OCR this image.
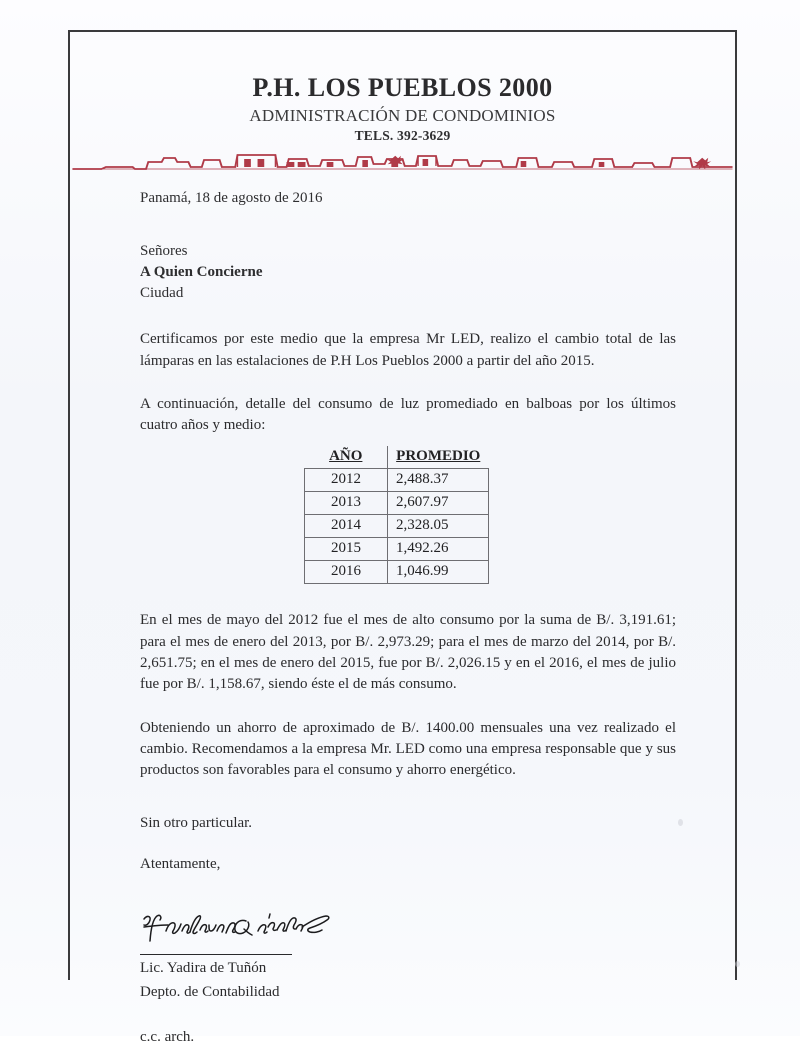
P.H. LOS PUEBLOS 2000
ADMINISTRACIÓN DE CONDOMINIOS
TELS. 392-3629
Panamá, 18 de agosto de 2016
Señores
A Quien Concierne
Ciudad

Certificamos por este medio que la empresa Mr LED, realizo el cambio total de las lámparas en las estalaciones de P.H Los Pueblos 2000 a partir del año 2015.

A continuación, detalle del consumo de luz promediado en balboas por los últimos cuatro años y medio:

AÑO	PROMEDIO
2012	2,488.37
2013	2,607.97
2014	2,328.05
2015	1,492.26
2016	1,046.99

En el mes de mayo del 2012 fue el mes de alto consumo por la suma de B/. 3,191.61; para el mes de enero del 2013, por B/. 2,973.29; para el mes de marzo del 2014, por B/. 2,651.75; en el mes de enero del 2015, fue por B/. 2,026.15 y en el 2016, el mes de julio fue por B/. 1,158.67, siendo éste el de más consumo.

Obteniendo un ahorro de aproximado de B/. 1400.00 mensuales una vez realizado el cambio. Recomendamos a la empresa Mr. LED como una empresa responsable que y sus productos son favorables para el consumo y ahorro energético.

Sin otro particular.
Atentamente,
Lic. Yadira de Tuñón
Depto. de Contabilidad
c.c. arch.
